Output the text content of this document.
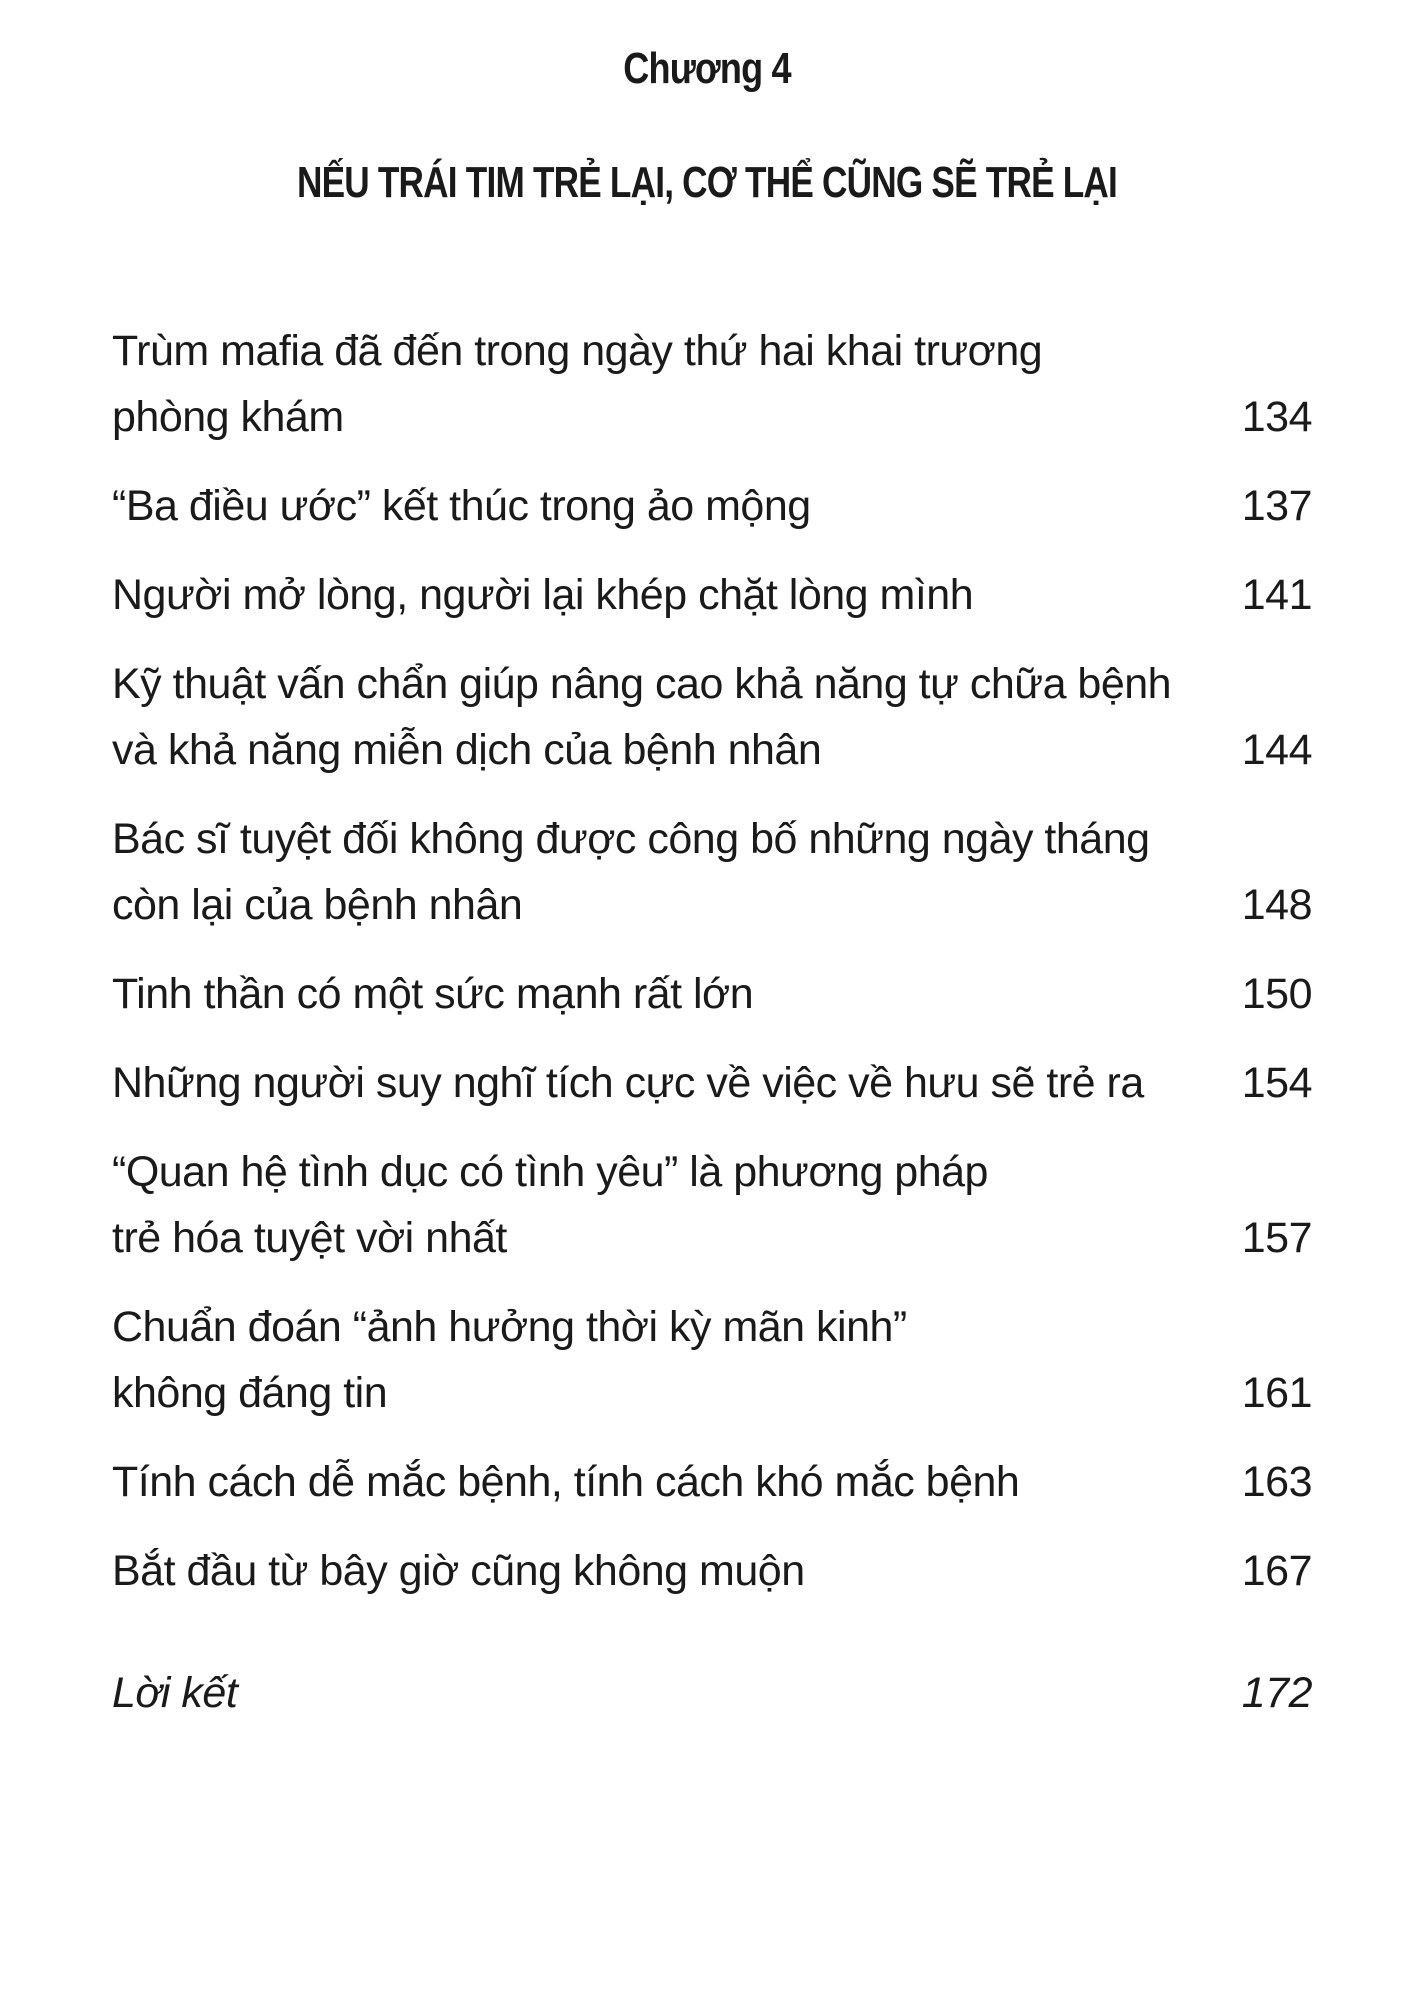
Chương 4
NẾU TRÁI TIM TRẺ LẠI, CƠ THỂ CŨNG SẼ TRẺ LẠI
Trùm mafia đã đến trong ngày thứ hai khai trương
phòng khám	134
“Ba điều ước” kết thúc trong ảo mộng	137
Người mở lòng, người lại khép chặt lòng mình	141
Kỹ thuật vấn chẩn giúp nâng cao khả năng tự chữa bệnh
và khả năng miễn dịch của bệnh nhân	144
Bác sĩ tuyệt đối không được công bố những ngày tháng
còn lại của bệnh nhân	148
Tinh thần có một sức mạnh rất lớn	150
Những người suy nghĩ tích cực về việc về hưu sẽ trẻ ra	154
“Quan hệ tình dục có tình yêu” là phương pháp
trẻ hóa tuyệt vời nhất	157
Chuẩn đoán “ảnh hưởng thời kỳ mãn kinh”
không đáng tin	161
Tính cách dễ mắc bệnh, tính cách khó mắc bệnh	163
Bắt đầu từ bây giờ cũng không muộn	167
Lời kết	172
